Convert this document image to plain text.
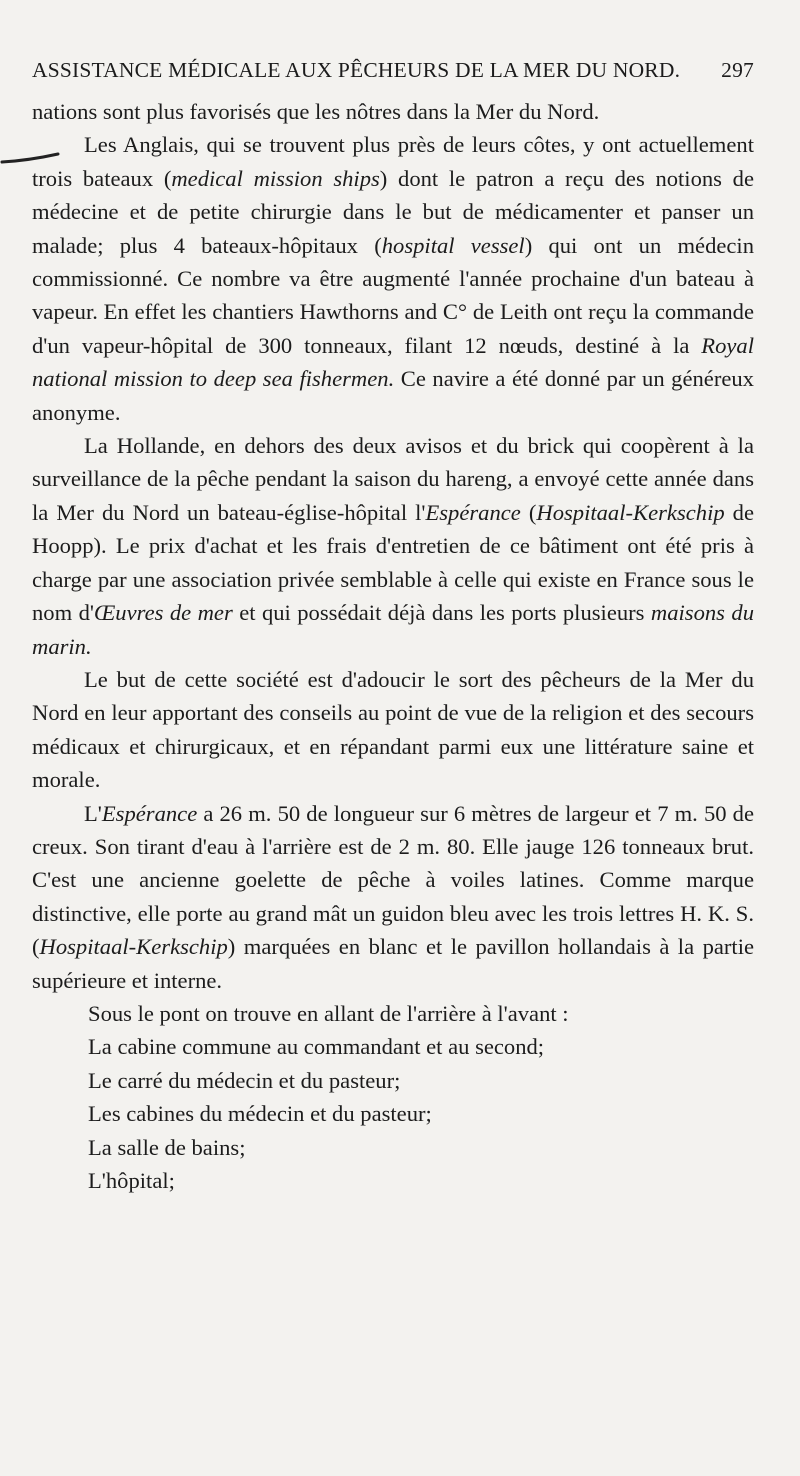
ASSISTANCE MÉDICALE AUX PÊCHEURS DE LA MER DU NORD. 297

nations sont plus favorisés que les nôtres dans la Mer du Nord.

Les Anglais, qui se trouvent plus près de leurs côtes, y ont actuellement trois bateaux (medical mission ships) dont le patron a reçu des notions de médecine et de petite chirurgie dans le but de médicamenter et panser un malade; plus 4 bateaux-hôpitaux (hospital vessel) qui ont un médecin commissionné. Ce nombre va être augmenté l'année prochaine d'un bateau à vapeur. En effet les chantiers Hawthorns and C° de Leith ont reçu la commande d'un vapeur-hôpital de 300 tonneaux, filant 12 nœuds, destiné à la Royal national mission to deep sea fishermen. Ce navire a été donné par un généreux anonyme.

La Hollande, en dehors des deux avisos et du brick qui coopèrent à la surveillance de la pêche pendant la saison du hareng, a envoyé cette année dans la Mer du Nord un bateau-église-hôpital l'Espérance (Hospitaal-Kerkschip de Hoopp). Le prix d'achat et les frais d'entretien de ce bâtiment ont été pris à charge par une association privée semblable à celle qui existe en France sous le nom d'Œuvres de mer et qui possédait déjà dans les ports plusieurs maisons du marin.

Le but de cette société est d'adoucir le sort des pêcheurs de la Mer du Nord en leur apportant des conseils au point de vue de la religion et des secours médicaux et chirurgicaux, et en répandant parmi eux une littérature saine et morale.

L'Espérance a 26 m. 50 de longueur sur 6 mètres de largeur et 7 m. 50 de creux. Son tirant d'eau à l'arrière est de 2 m. 80. Elle jauge 126 tonneaux brut. C'est une ancienne goelette de pêche à voiles latines. Comme marque distinctive, elle porte au grand mât un guidon bleu avec les trois lettres H. K. S. (Hospitaal-Kerkschip) marquées en blanc et le pavillon hollandais à la partie supérieure et interne.

Sous le pont on trouve en allant de l'arrière à l'avant :
La cabine commune au commandant et au second;
Le carré du médecin et du pasteur;
Les cabines du médecin et du pasteur;
La salle de bains;
L'hôpital;
